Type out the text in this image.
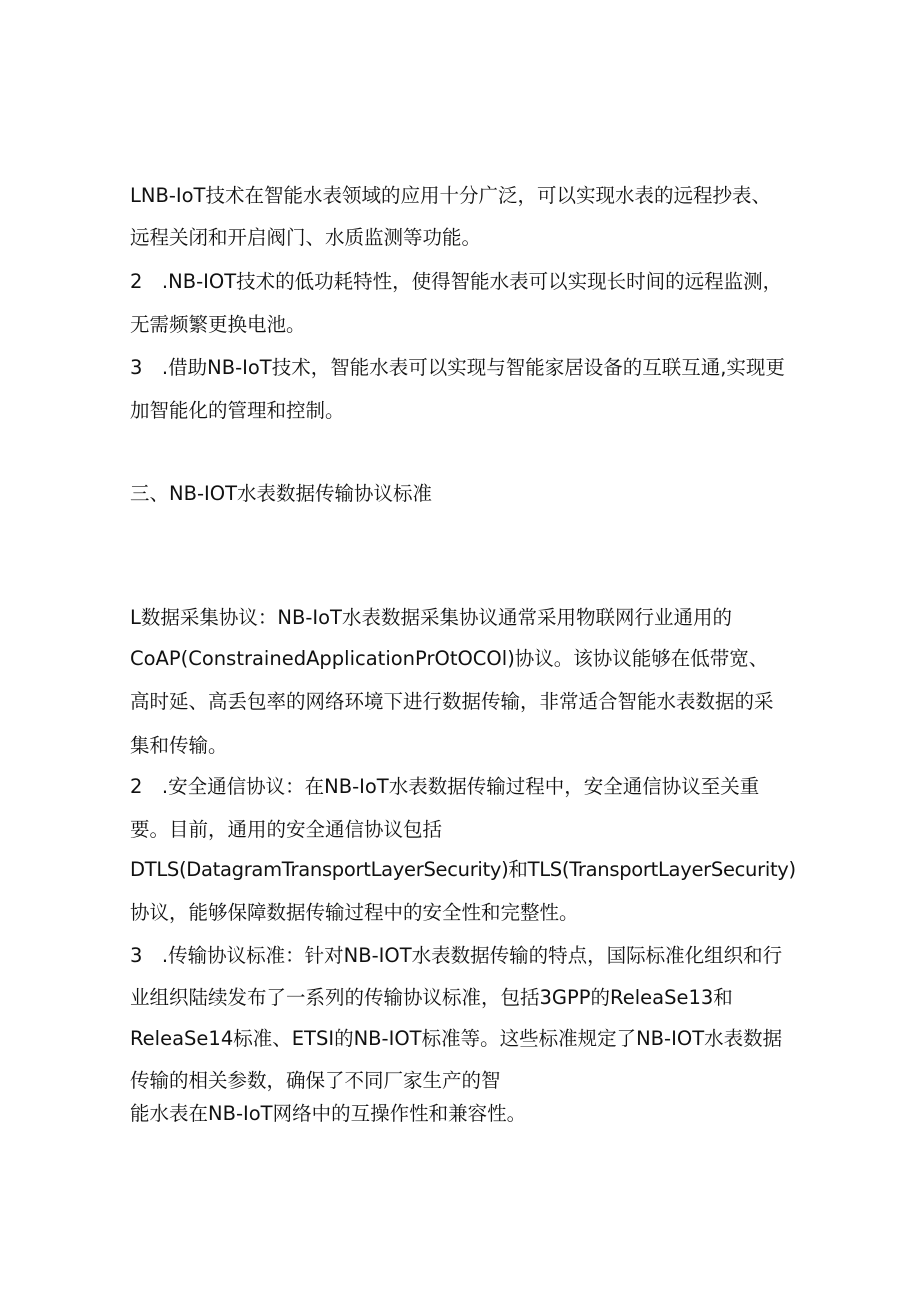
LNB-IoT技术在智能水表领域的应用十分广泛，可以实现水表的远程抄表、
远程关闭和开启阀门、水质监测等功能。
2　.NB-IOT技术的低功耗特性，使得智能水表可以实现长时间的远程监测，
无需频繁更换电池。
3　.借助NB-IoT技术，智能水表可以实现与智能家居设备的互联互通,实现更
加智能化的管理和控制。
三、NB-IOT水表数据传输协议标准
L数据采集协议：NB-IoT水表数据采集协议通常采用物联网行业通用的
CoAP(ConstrainedApplicationPrOtOCOl)协议。该协议能够在低带宽、
高时延、高丢包率的网络环境下进行数据传输，非常适合智能水表数据的采
集和传输。
2　.安全通信协议：在NB-IoT水表数据传输过程中，安全通信协议至关重
要。目前，通用的安全通信协议包括
DTLS(DatagramTransportLayerSecurity)和TLS(TransportLayerSecurity)
协议，能够保障数据传输过程中的安全性和完整性。
3　.传输协议标准：针对NB-IOT水表数据传输的特点，国际标准化组织和行
业组织陆续发布了一系列的传输协议标准，包括3GPP的ReleaSe13和
ReleaSe14标准、ETSI的NB-IOT标准等。这些标准规定了NB-IOT水表数据
传输的相关参数，确保了不同厂家生产的智
能水表在NB-IoT网络中的互操作性和兼容性。
